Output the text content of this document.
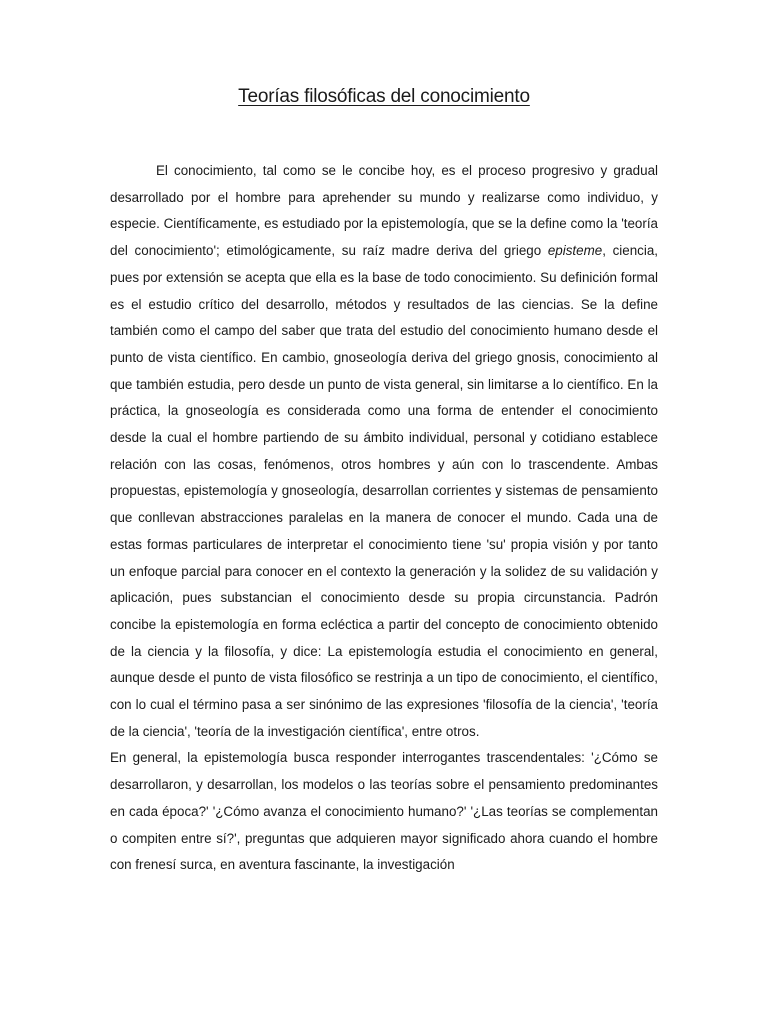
Teorías filosóficas del conocimiento

El conocimiento, tal como se le concibe hoy, es el proceso progresivo y gradual desarrollado por el hombre para aprehender su mundo y realizarse como individuo, y especie. Científicamente, es estudiado por la epistemología, que se la define como la 'teoría del conocimiento'; etimológicamente, su raíz madre deriva del griego episteme, ciencia, pues por extensión se acepta que ella es la base de todo conocimiento. Su definición formal es el estudio crítico del desarrollo, métodos y resultados de las ciencias. Se la define también como el campo del saber que trata del estudio del conocimiento humano desde el punto de vista científico. En cambio, gnoseología deriva del griego gnosis, conocimiento al que también estudia, pero desde un punto de vista general, sin limitarse a lo científico. En la práctica, la gnoseología es considerada como una forma de entender el conocimiento desde la cual el hombre partiendo de su ámbito individual, personal y cotidiano establece relación con las cosas, fenómenos, otros hombres y aún con lo trascendente. Ambas propuestas, epistemología y gnoseología, desarrollan corrientes y sistemas de pensamiento que conllevan abstracciones paralelas en la manera de conocer el mundo. Cada una de estas formas particulares de interpretar el conocimiento tiene 'su' propia visión y por tanto un enfoque parcial para conocer en el contexto la generación y la solidez de su validación y aplicación, pues substancian el conocimiento desde su propia circunstancia. Padrón concibe la epistemología en forma ecléctica a partir del concepto de conocimiento obtenido de la ciencia y la filosofía, y dice: La epistemología estudia el conocimiento en general, aunque desde el punto de vista filosófico se restrinja a un tipo de conocimiento, el científico, con lo cual el término pasa a ser sinónimo de las expresiones 'filosofía de la ciencia', 'teoría de la ciencia', 'teoría de la investigación científica', entre otros.

En general, la epistemología busca responder interrogantes trascendentales: '¿Cómo se desarrollaron, y desarrollan, los modelos o las teorías sobre el pensamiento predominantes en cada época?' '¿Cómo avanza el conocimiento humano?' '¿Las teorías se complementan o compiten entre sí?', preguntas que adquieren mayor significado ahora cuando el hombre con frenesí surca, en aventura fascinante, la investigación
